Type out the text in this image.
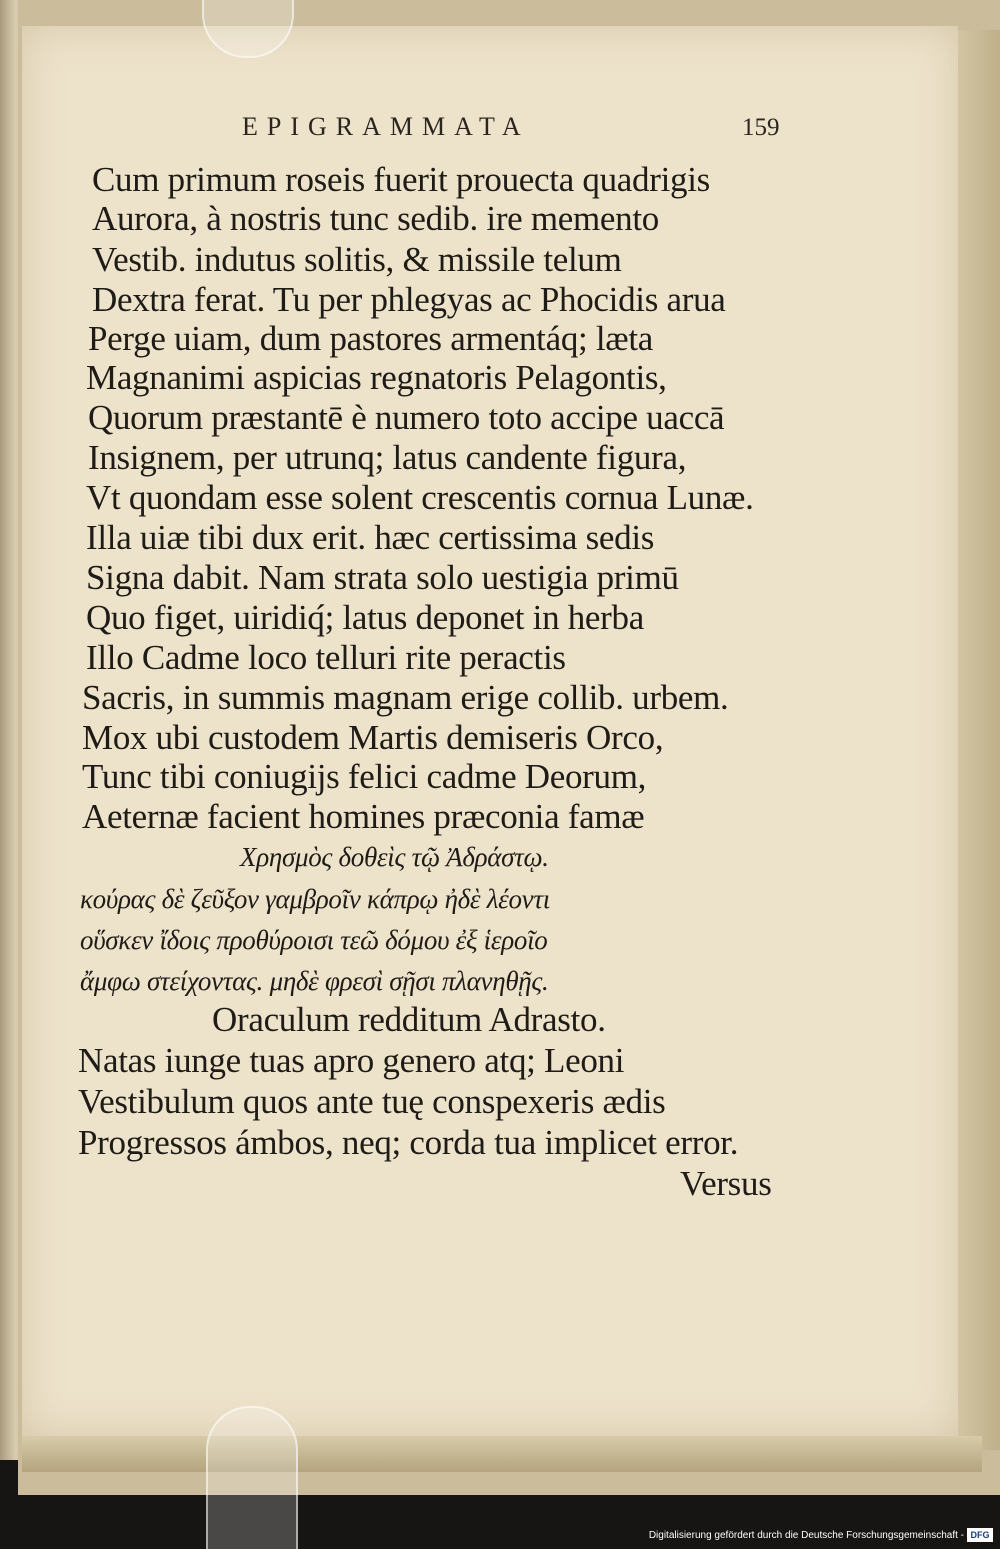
EPIGRAMMATA	159
Cum primum roseis fuerit prouecta quadrigis
Aurora, à nostris tunc sedib. ire memento
Vestib. indutus solitis, & missile telum
Dextra ferat. Tu per phlegyas ac Phocidis arua
Perge uiam, dum pastores armentáq; læta
Magnanimi aspicias regnatoris Pelagontis,
Quorum præstantē è numero toto accipe uaccā
Insignem, per utrunq; latus candente figura,
Vt quondam esse solent crescentis cornua Lunæ.
Illa uiæ tibi dux erit. hæc certissima sedis
Signa dabit. Nam strata solo uestigia primū
Quo figet, uiridiq́; latus deponet in herba
Illo Cadme loco telluri rite peractis
Sacris, in summis magnam erige collib. urbem.
Mox ubi custodem Martis demiseris Orco,
Tunc tibi coniugijs felici cadme Deorum,
Aeternæ facient homines præconia famæ
Χρησμὸς δοθεὶς τῷ Ἀδράστῳ.
κούρας δὲ ζεῦξον γαμβροῖν κάπρῳ ἠδὲ λέοντι
οὕσκεν ἴδοις προθύροισι τεῶ δόμου ἐξ ἱεροῖο
ἄμφω στείχοντας. μηδὲ φρεσὶ σῇσι πλανηθῇς.
Oraculum redditum Adrasto.
Natas iunge tuas apro genero atq; Leoni
Vestibulum quos ante tuę conspexeris ædis
Progressos ámbos, neq; corda tua implicet error.
Versus
Digitalisierung gefördert durch die Deutsche Forschungsgemeinschaft - DFG
